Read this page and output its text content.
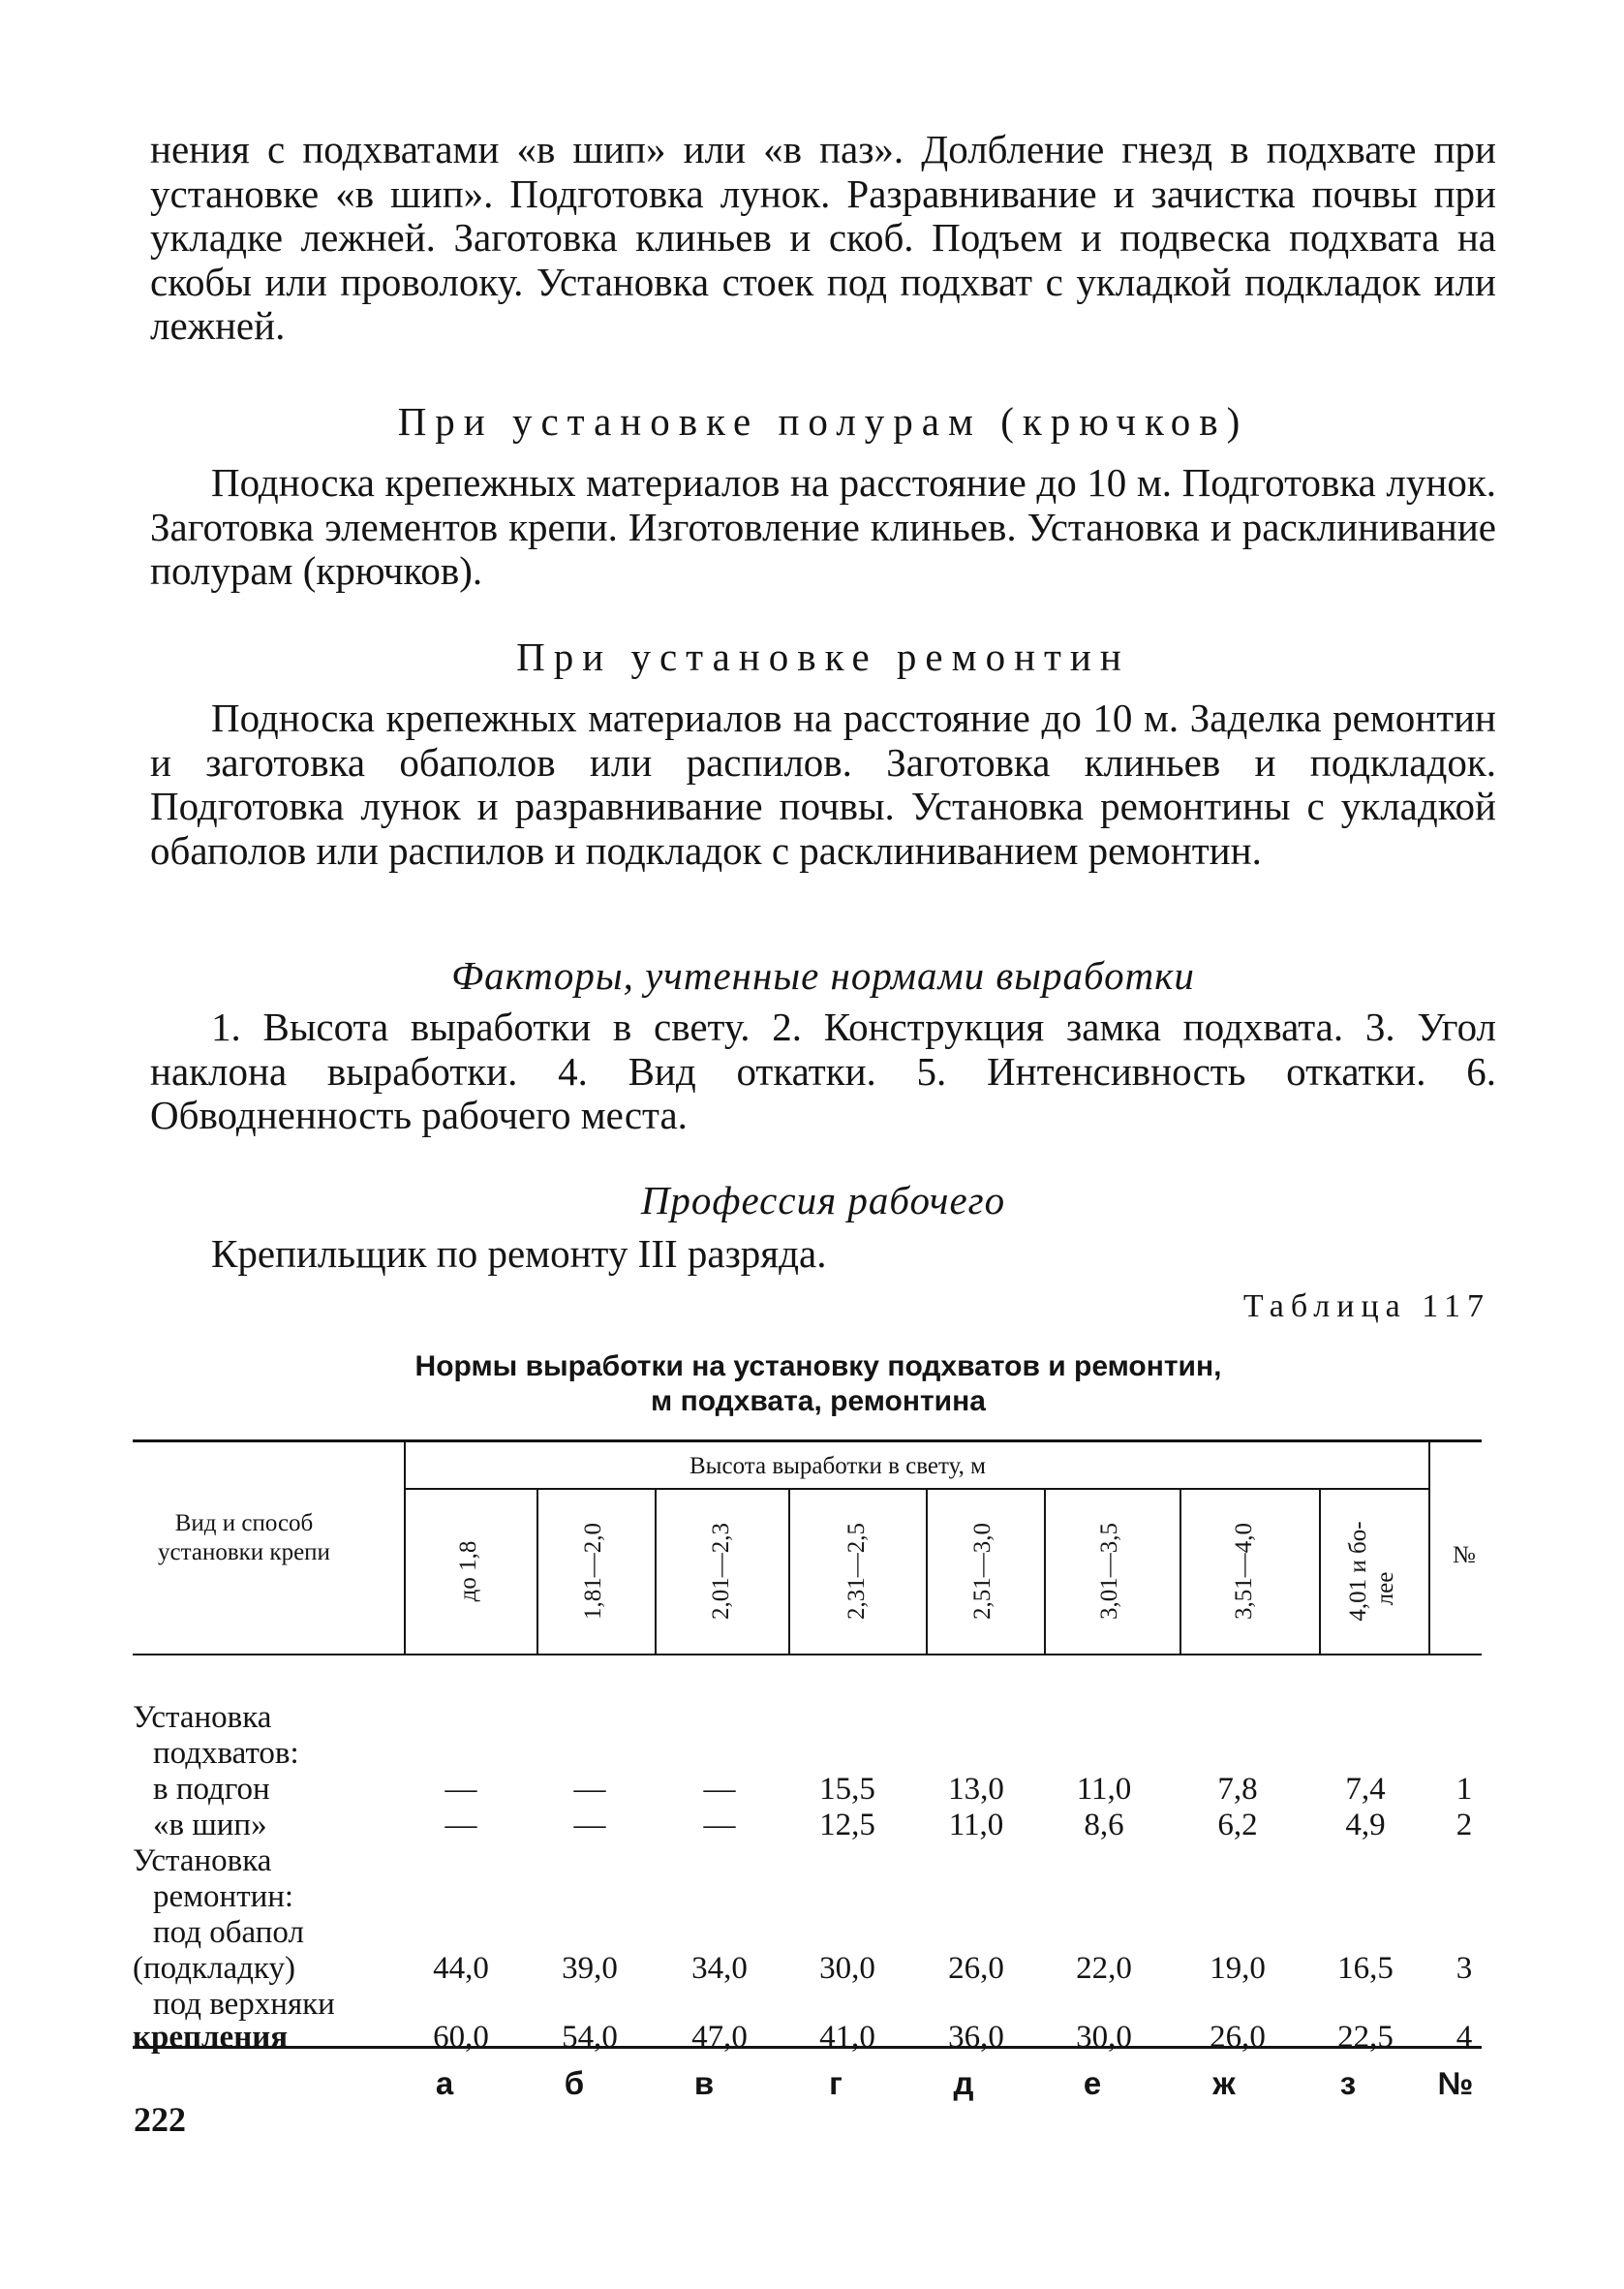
нения с подхватами «в шип» или «в паз». Долбление гнезд в подхвате при установке «в шип». Подготовка лунок. Разравнивание и зачистка почвы при укладке лежней. Заготовка клиньев и скоб. Подъем и подвеска подхвата на скобы или проволоку. Установка стоек под подхват с укладкой подкладок или лежней.

При установке полурам (крючков)

Подноска крепежных материалов на расстояние до 10 м. Подготовка лунок. Заготовка элементов крепи. Изготовление клиньев. Установка и расклинивание полурам (крючков).

При установке ремонтин

Подноска крепежных материалов на расстояние до 10 м. Заделка ремонтин и заготовка обаполов или распилов. Заготовка клиньев и подкладок. Подготовка лунок и разравнивание почвы. Установка ремонтины с укладкой обаполов или распилов и подкладок с расклиниванием ремонтин.

Факторы, учтенные нормами выработки

1. Высота выработки в свету. 2. Конструкция замка подхвата. 3. Угол наклона выработки. 4. Вид откатки. 5. Интенсивность откатки. 6. Обводненность рабочего места.

Профессия рабочего

Крепильщик по ремонту III разряда.

Таблица 117
Нормы выработки на установку подхватов и ремонтин,
м подхвата, ремонтина
Вид и способ установки крепи
Высота выработки в свету, м
до 1,8	1,81—2,0	2,01—2,3	2,31—2,5	2,51—3,0	3,01—3,5	3,51—4,0	4,01 и бо- лее
№
Установка
подхватов:
в подгон	—	—	—	15,5	13,0	11,0	7,8	7,4	1
«в шип»	—	—	—	12,5	11,0	8,6	6,2	4,9	2
Установка
ремонтин:
под обапол
(подкладку)	44,0	39,0	34,0	30,0	26,0	22,0	19,0	16,5	3
под верхняки
крепления	60,0	54,0	47,0	41,0	36,0	30,0	26,0	22,5	4
а	б	в	г	д	е	ж	з	№
222
